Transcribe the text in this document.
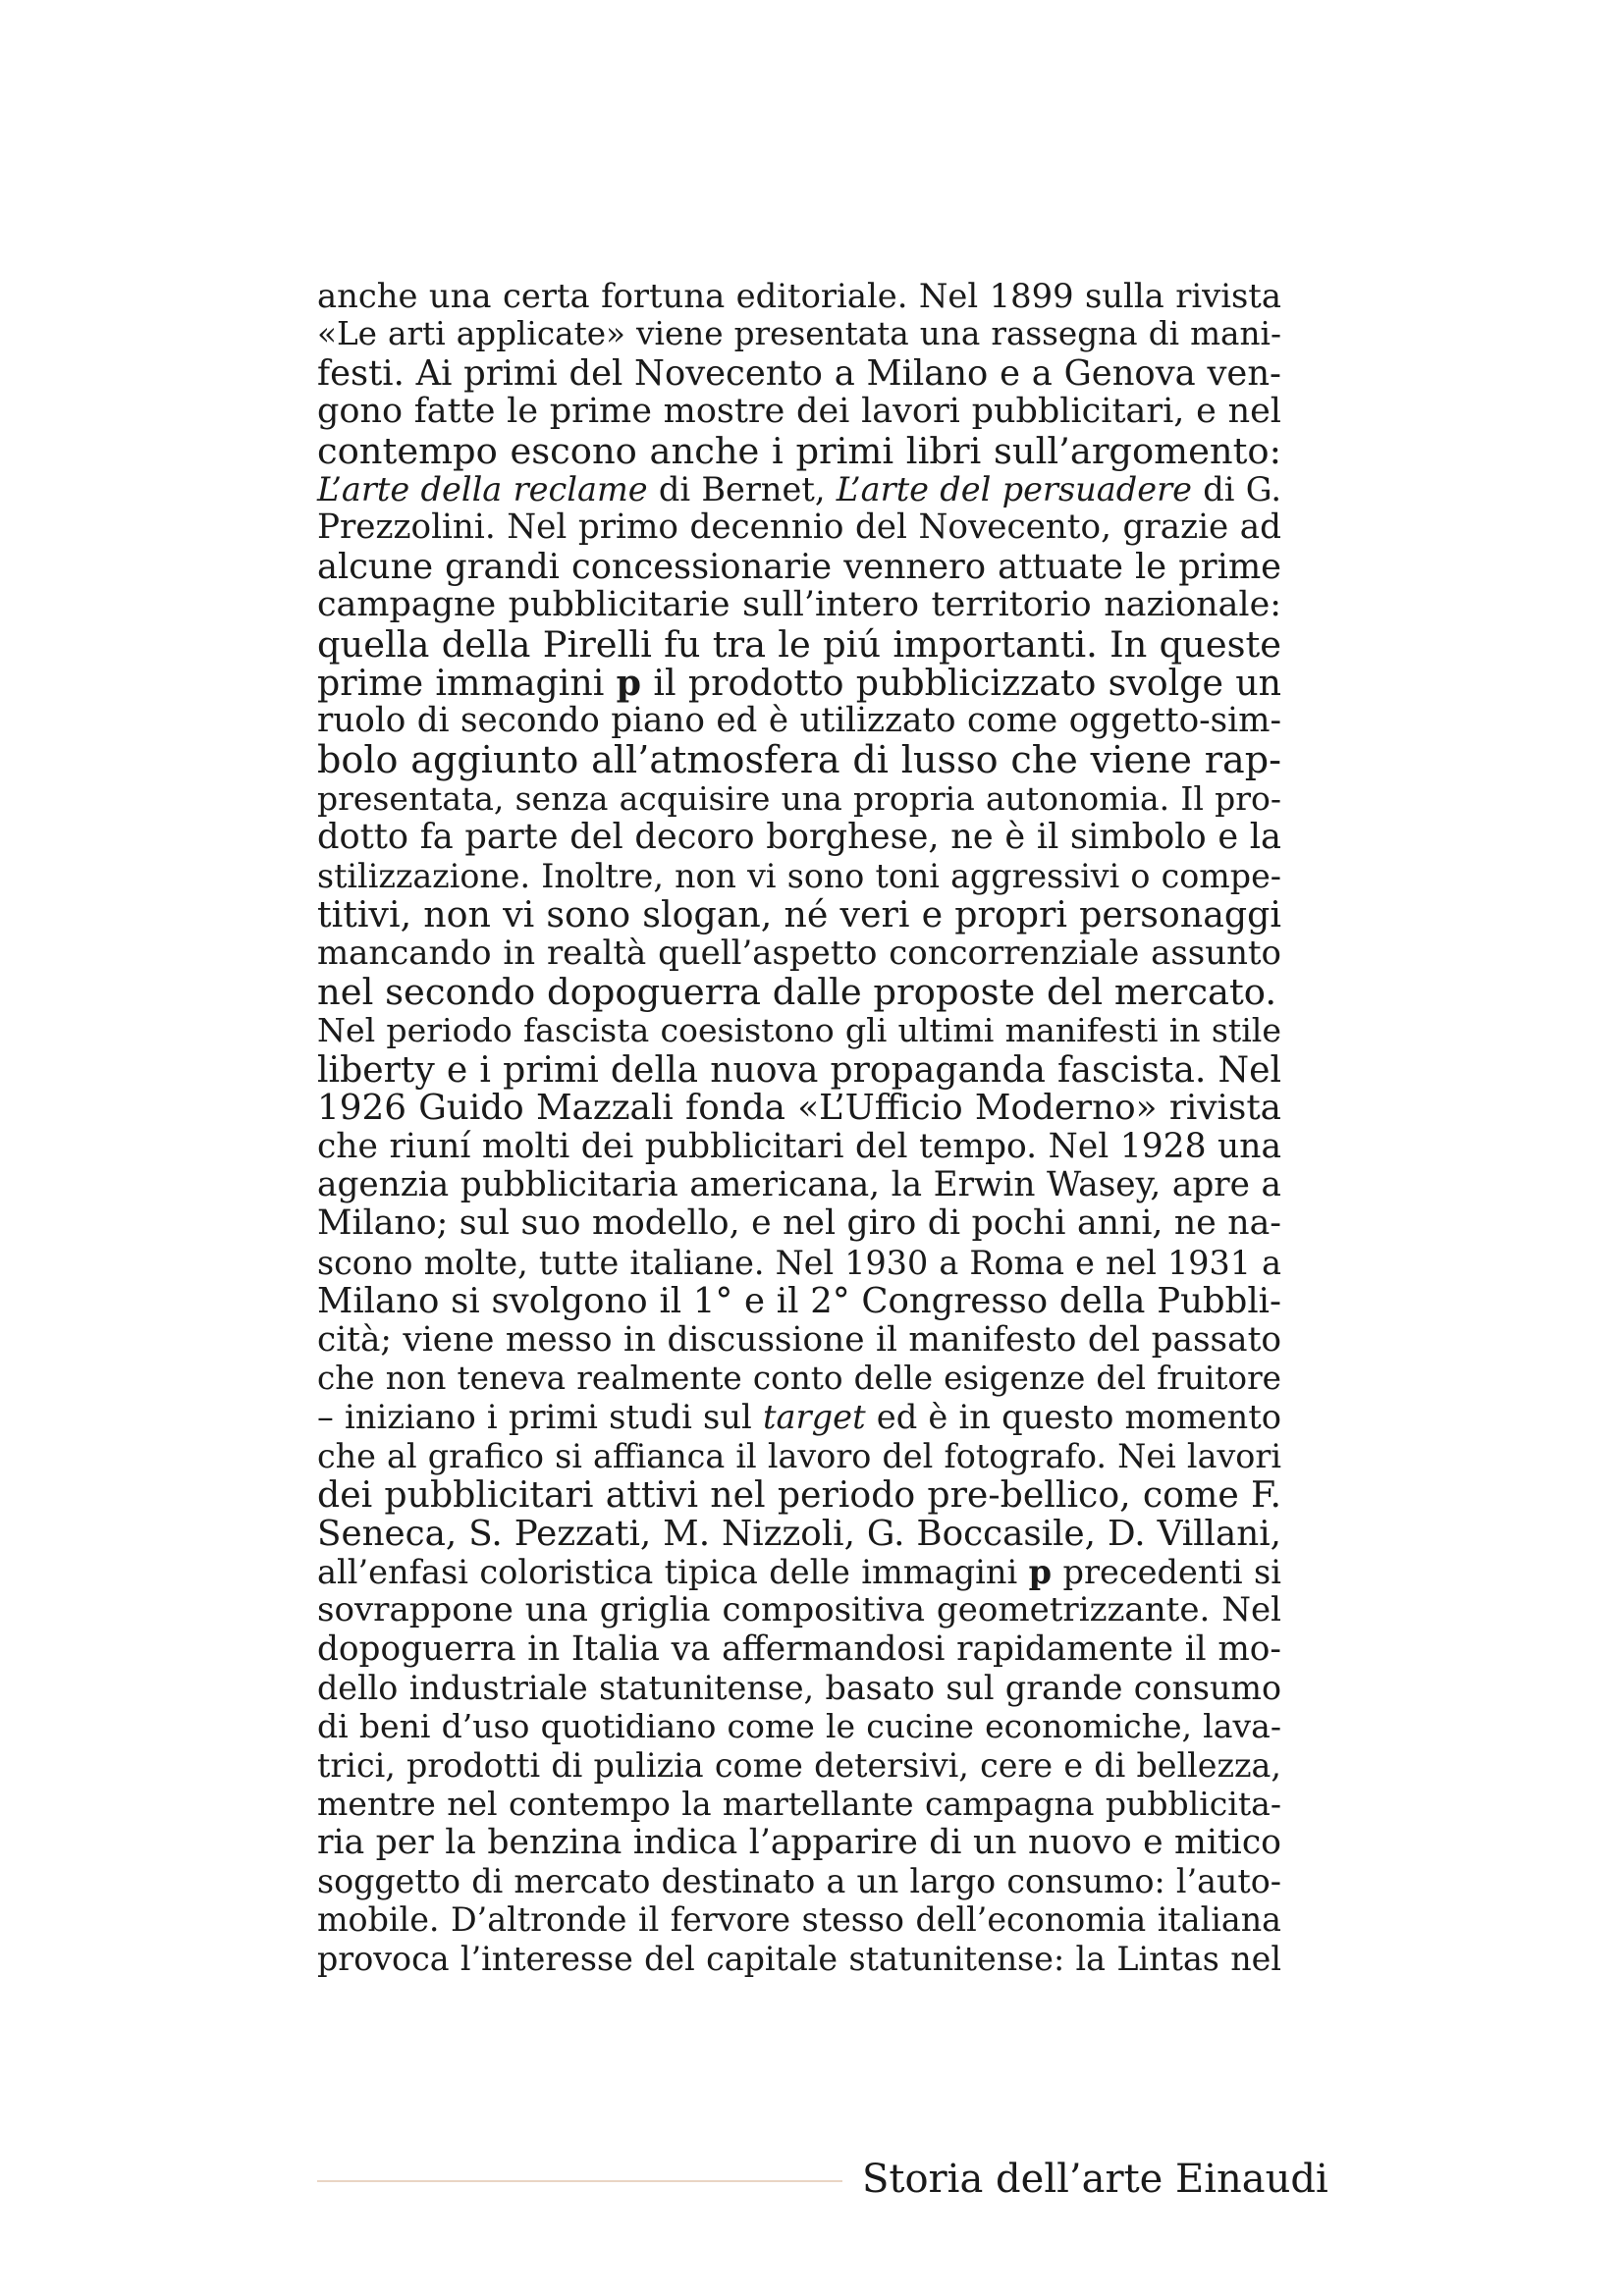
anche una certa fortuna editoriale. Nel 1899 sulla rivista
«Le arti applicate» viene presentata una rassegna di mani-
festi. Ai primi del Novecento a Milano e a Genova ven-
gono fatte le prime mostre dei lavori pubblicitari, e nel
contempo escono anche i primi libri sull’argomento:
L’arte della reclame di Bernet, L’arte del persuadere di G.
Prezzolini. Nel primo decennio del Novecento, grazie ad
alcune grandi concessionarie vennero attuate le prime
campagne pubblicitarie sull’intero territorio nazionale:
quella della Pirelli fu tra le piú importanti. In queste
prime immagini p il prodotto pubblicizzato svolge un
ruolo di secondo piano ed è utilizzato come oggetto-sim-
bolo aggiunto all’atmosfera di lusso che viene rap-
presentata, senza acquisire una propria autonomia. Il pro-
dotto fa parte del decoro borghese, ne è il simbolo e la
stilizzazione. Inoltre, non vi sono toni aggressivi o compe-
titivi, non vi sono slogan, né veri e propri personaggi
mancando in realtà quell’aspetto concorrenziale assunto
nel secondo dopoguerra dalle proposte del mercato.
Nel periodo fascista coesistono gli ultimi manifesti in stile
liberty e i primi della nuova propaganda fascista. Nel
1926 Guido Mazzali fonda «L’Ufficio Moderno» rivista
che riuní molti dei pubblicitari del tempo. Nel 1928 una
agenzia pubblicitaria americana, la Erwin Wasey, apre a
Milano; sul suo modello, e nel giro di pochi anni, ne na-
scono molte, tutte italiane. Nel 1930 a Roma e nel 1931 a
Milano si svolgono il 1° e il 2° Congresso della Pubbli-
cità; viene messo in discussione il manifesto del passato
che non teneva realmente conto delle esigenze del fruitore
– iniziano i primi studi sul target ed è in questo momento
che al grafico si affianca il lavoro del fotografo. Nei lavori
dei pubblicitari attivi nel periodo pre-bellico, come F.
Seneca, S. Pezzati, M. Nizzoli, G. Boccasile, D. Villani,
all’enfasi coloristica tipica delle immagini p precedenti si
sovrappone una griglia compositiva geometrizzante. Nel
dopoguerra in Italia va affermandosi rapidamente il mo-
dello industriale statunitense, basato sul grande consumo
di beni d’uso quotidiano come le cucine economiche, lava-
trici, prodotti di pulizia come detersivi, cere e di bellezza,
mentre nel contempo la martellante campagna pubblicita-
ria per la benzina indica l’apparire di un nuovo e mitico
soggetto di mercato destinato a un largo consumo: l’auto-
mobile. D’altronde il fervore stesso dell’economia italiana
provoca l’interesse del capitale statunitense: la Lintas nel
Storia dell’arte Einaudi
